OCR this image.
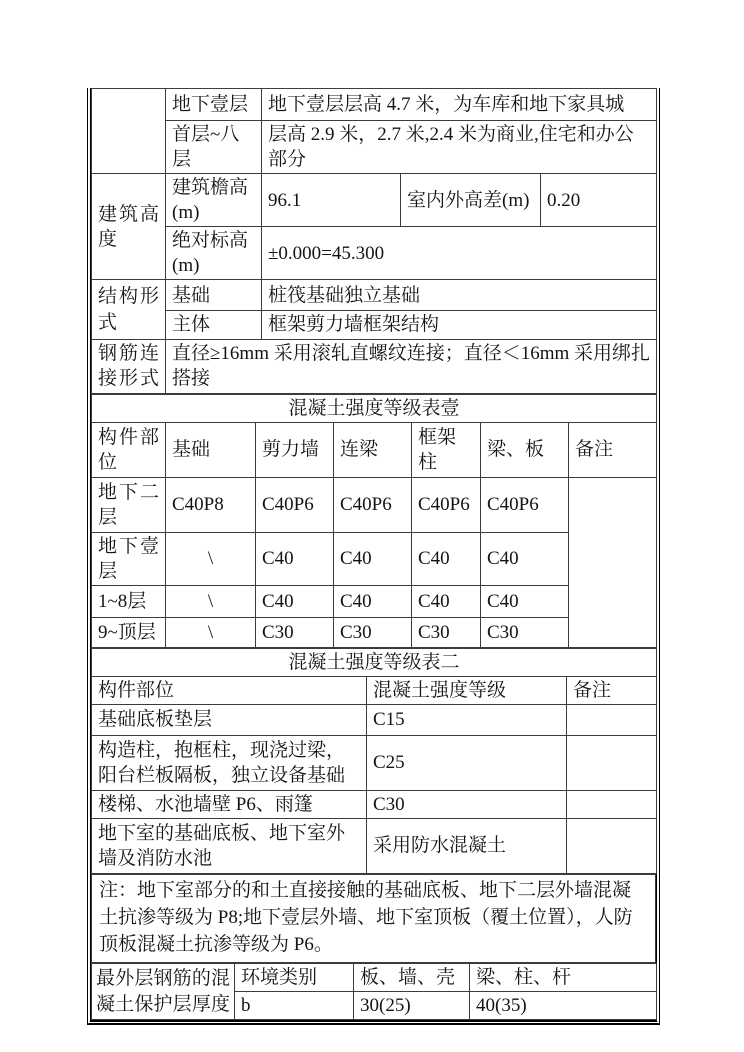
	地下壹层	地下壹层层高 4.7 米，为车库和地下家具城		
	首层~八层	层高 2.9 米，2.7 米,2.4 米为商业,住宅和办公部分		
建筑高度	建筑檐高(m)	96.1	室内外高差(m)	0.20
	绝对标高(m)	±0.000=45.300		
结构形式	基础	桩筏基础独立基础		
	主体	框架剪力墙框架结构		
钢筋连接形式	直径≥16mm 采用滚轧直螺纹连接；直径＜16mm 采用绑扎搭接			
混凝土强度等级表壹						
构件部位	基础	剪力墙	连梁	框架柱	梁、板	备注
地下二层	C40P8	C40P6	C40P6	C40P6	C40P6	
地下壹层	\	C40	C40	C40	C40	
1~8层	\	C40	C40	C40	C40	
9~顶层	\	C30	C30	C30	C30	
混凝土强度等级表二		
构件部位	混凝土强度等级	备注
基础底板垫层	C15	
构造柱，抱框柱，现浇过梁，阳台栏板隔板，独立设备基础	C25	
楼梯、水池墙壁 P6、雨篷	C30	
地下室的基础底板、地下室外墙及消防水池	采用防水混凝土	
注：地下室部分的和土直接接触的基础底板、地下二层外墙混凝土抗渗等级为 P8;地下壹层外墙、地下室顶板（覆土位置），人防顶板混凝土抗渗等级为 P6。
最外层钢筋的混凝土保护层厚度	环境类别	板、墙、壳	梁、柱、杆
	b	30(25)	40(35)
